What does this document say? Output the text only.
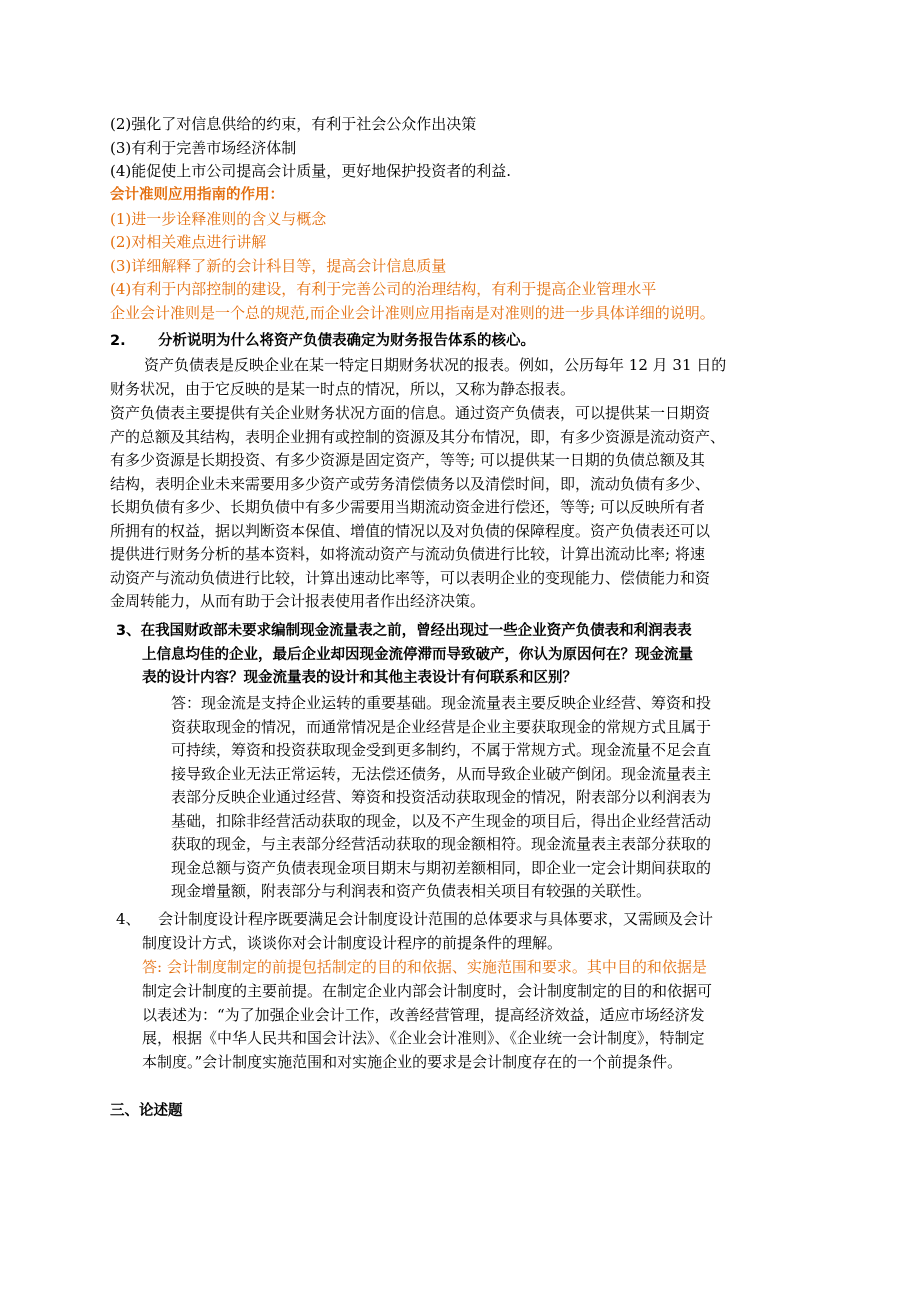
(2)强化了对信息供给的约束，有利于社会公众作出决策
(3)有利于完善市场经济体制
(4)能促使上市公司提高会计质量，更好地保护投资者的利益.
会计准则应用指南的作用：
(1)进一步诠释准则的含义与概念
(2)对相关难点进行讲解
(3)详细解释了新的会计科目等，提高会计信息质量
(4)有利于内部控制的建设，有利于完善公司的治理结构，有利于提高企业管理水平
企业会计准则是一个总的规范,而企业会计准则应用指南是对准则的进一步具体详细的说明。
2. 分析说明为什么将资产负债表确定为财务报告体系的核心。
资产负债表是反映企业在某一特定日期财务状况的报表。例如，公历每年 12 月 31 日的
财务状况，由于它反映的是某一时点的情况，所以，又称为静态报表。
资产负债表主要提供有关企业财务状况方面的信息。通过资产负债表，可以提供某一日期资
产的总额及其结构，表明企业拥有或控制的资源及其分布情况，即，有多少资源是流动资产、
有多少资源是长期投资、有多少资源是固定资产，等等; 可以提供某一日期的负债总额及其
结构，表明企业未来需要用多少资产或劳务清偿债务以及清偿时间，即，流动负债有多少、
长期负债有多少、长期负债中有多少需要用当期流动资金进行偿还，等等; 可以反映所有者
所拥有的权益，据以判断资本保值、增值的情况以及对负债的保障程度。资产负债表还可以
提供进行财务分析的基本资料，如将流动资产与流动负债进行比较，计算出流动比率; 将速
动资产与流动负债进行比较，计算出速动比率等，可以表明企业的变现能力、偿债能力和资
金周转能力，从而有助于会计报表使用者作出经济决策。
3、在我国财政部未要求编制现金流量表之前，曾经出现过一些企业资产负债表和利润表表
上信息均佳的企业，最后企业却因现金流停滞而导致破产，你认为原因何在？现金流量
表的设计内容？现金流量表的设计和其他主表设计有何联系和区别？
答：现金流是支持企业运转的重要基础。现金流量表主要反映企业经营、筹资和投
资获取现金的情况，而通常情况是企业经营是企业主要获取现金的常规方式且属于
可持续，筹资和投资获取现金受到更多制约，不属于常规方式。现金流量不足会直
接导致企业无法正常运转，无法偿还债务，从而导致企业破产倒闭。现金流量表主
表部分反映企业通过经营、筹资和投资活动获取现金的情况，附表部分以利润表为
基础，扣除非经营活动获取的现金，以及不产生现金的项目后，得出企业经营活动
获取的现金，与主表部分经营活动获取的现金额相符。现金流量表主表部分获取的
现金总额与资产负债表现金项目期末与期初差额相同，即企业一定会计期间获取的
现金增量额，附表部分与利润表和资产负债表相关项目有较强的关联性。
4、 会计制度设计程序既要满足会计制度设计范围的总体要求与具体要求，又需顾及会计
制度设计方式，谈谈你对会计制度设计程序的前提条件的理解。
答: 会计制度制定的前提包括制定的目的和依据、实施范围和要求。其中目的和依据是
制定会计制度的主要前提。在制定企业内部会计制度时，会计制度制定的目的和依据可
以表述为：“为了加强企业会计工作，改善经营管理，提高经济效益，适应市场经济发
展，根据《中华人民共和国会计法》、《企业会计准则》、《企业统一会计制度》，特制定
本制度。”会计制度实施范围和对实施企业的要求是会计制度存在的一个前提条件。
三、论述题
